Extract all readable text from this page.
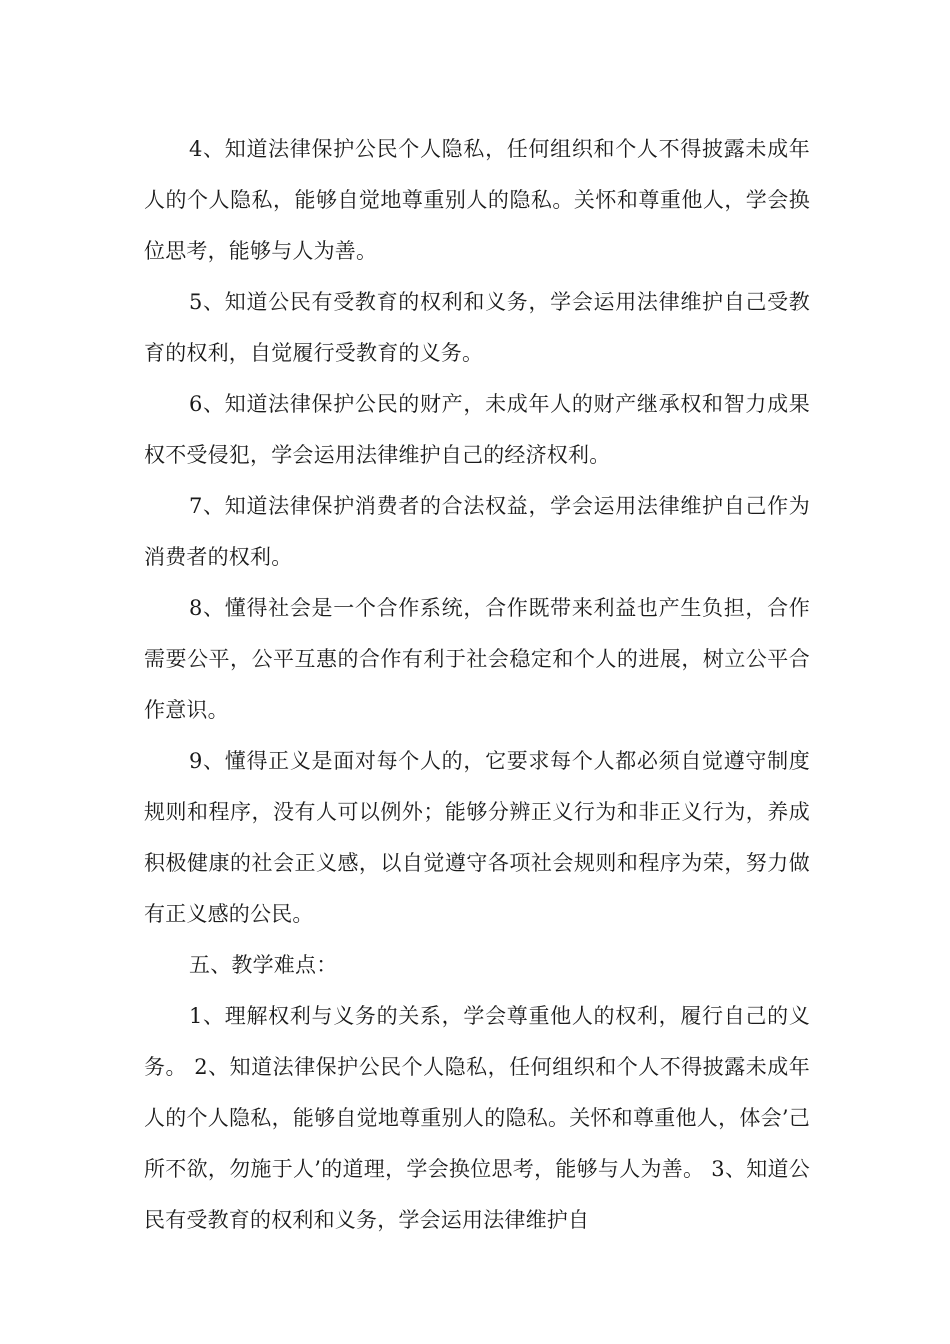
4、知道法律保护公民个人隐私，任何组织和个人不得披露未成年人的个人隐私，能够自觉地尊重别人的隐私。关怀和尊重他人，学会换位思考，能够与人为善。

5、知道公民有受教育的权利和义务，学会运用法律维护自己受教育的权利，自觉履行受教育的义务。

6、知道法律保护公民的财产，未成年人的财产继承权和智力成果权不受侵犯，学会运用法律维护自己的经济权利。

7、知道法律保护消费者的合法权益，学会运用法律维护自己作为消费者的权利。

8、懂得社会是一个合作系统，合作既带来利益也产生负担，合作需要公平，公平互惠的合作有利于社会稳定和个人的进展，树立公平合作意识。

9、懂得正义是面对每个人的，它要求每个人都必须自觉遵守制度规则和程序，没有人可以例外；能够分辨正义行为和非正义行为，养成积极健康的社会正义感，以自觉遵守各项社会规则和程序为荣，努力做有正义感的公民。

五、教学难点：

1、理解权利与义务的关系，学会尊重他人的权利，履行自己的义务。 2、知道法律保护公民个人隐私，任何组织和个人不得披露未成年人的个人隐私，能够自觉地尊重别人的隐私。关怀和尊重他人，体会’己所不欲，勿施于人’的道理，学会换位思考，能够与人为善。 3、知道公民有受教育的权利和义务，学会运用法律维护自
